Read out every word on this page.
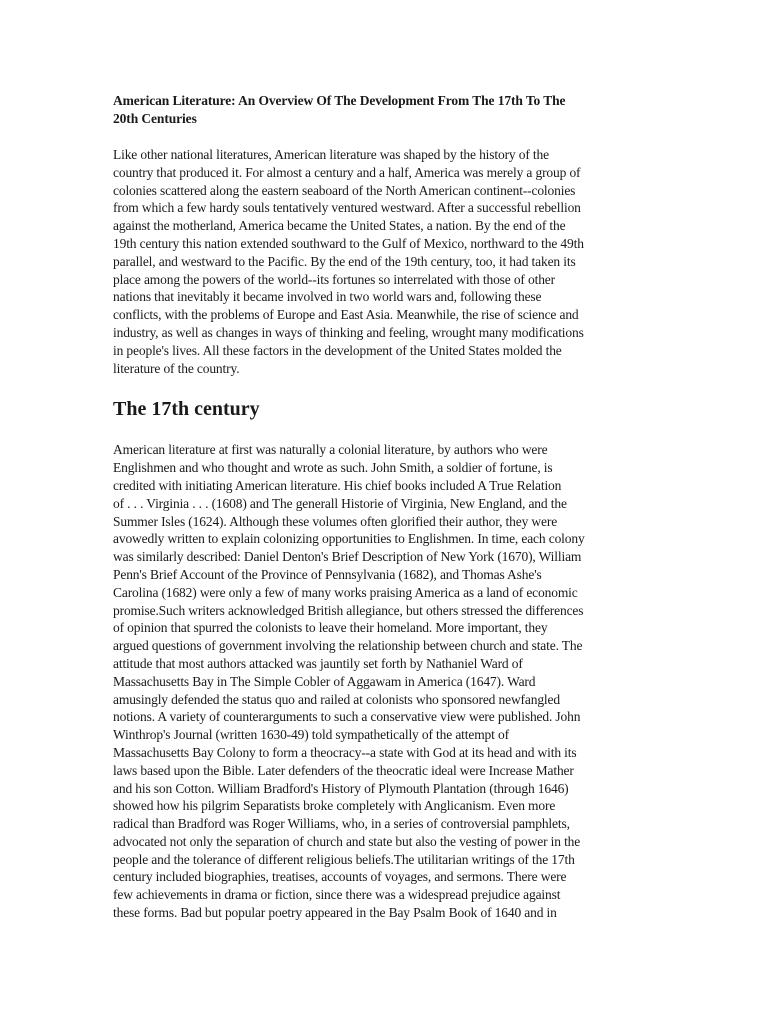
American Literature: An Overview Of The Development From The 17th To The
20th Centuries

Like other national literatures, American literature was shaped by the history of the
country that produced it. For almost a century and a half, America was merely a group of
colonies scattered along the eastern seaboard of the North American continent--colonies
from which a few hardy souls tentatively ventured westward. After a successful rebellion
against the motherland, America became the United States, a nation. By the end of the
19th century this nation extended southward to the Gulf of Mexico, northward to the 49th
parallel, and westward to the Pacific. By the end of the 19th century, too, it had taken its
place among the powers of the world--its fortunes so interrelated with those of other
nations that inevitably it became involved in two world wars and, following these
conflicts, with the problems of Europe and East Asia. Meanwhile, the rise of science and
industry, as well as changes in ways of thinking and feeling, wrought many modifications
in people's lives. All these factors in the development of the United States molded the
literature of the country.

The 17th century

American literature at first was naturally a colonial literature, by authors who were
Englishmen and who thought and wrote as such. John Smith, a soldier of fortune, is
credited with initiating American literature. His chief books included A True Relation
of . . . Virginia . . . (1608) and The generall Historie of Virginia, New England, and the
Summer Isles (1624). Although these volumes often glorified their author, they were
avowedly written to explain colonizing opportunities to Englishmen. In time, each colony
was similarly described: Daniel Denton's Brief Description of New York (1670), William
Penn's Brief Account of the Province of Pennsylvania (1682), and Thomas Ashe's
Carolina (1682) were only a few of many works praising America as a land of economic
promise.Such writers acknowledged British allegiance, but others stressed the differences
of opinion that spurred the colonists to leave their homeland. More important, they
argued questions of government involving the relationship between church and state. The
attitude that most authors attacked was jauntily set forth by Nathaniel Ward of
Massachusetts Bay in The Simple Cobler of Aggawam in America (1647). Ward
amusingly defended the status quo and railed at colonists who sponsored newfangled
notions. A variety of counterarguments to such a conservative view were published. John
Winthrop's Journal (written 1630-49) told sympathetically of the attempt of
Massachusetts Bay Colony to form a theocracy--a state with God at its head and with its
laws based upon the Bible. Later defenders of the theocratic ideal were Increase Mather
and his son Cotton. William Bradford's History of Plymouth Plantation (through 1646)
showed how his pilgrim Separatists broke completely with Anglicanism. Even more
radical than Bradford was Roger Williams, who, in a series of controversial pamphlets,
advocated not only the separation of church and state but also the vesting of power in the
people and the tolerance of different religious beliefs.The utilitarian writings of the 17th
century included biographies, treatises, accounts of voyages, and sermons. There were
few achievements in drama or fiction, since there was a widespread prejudice against
these forms. Bad but popular poetry appeared in the Bay Psalm Book of 1640 and in
